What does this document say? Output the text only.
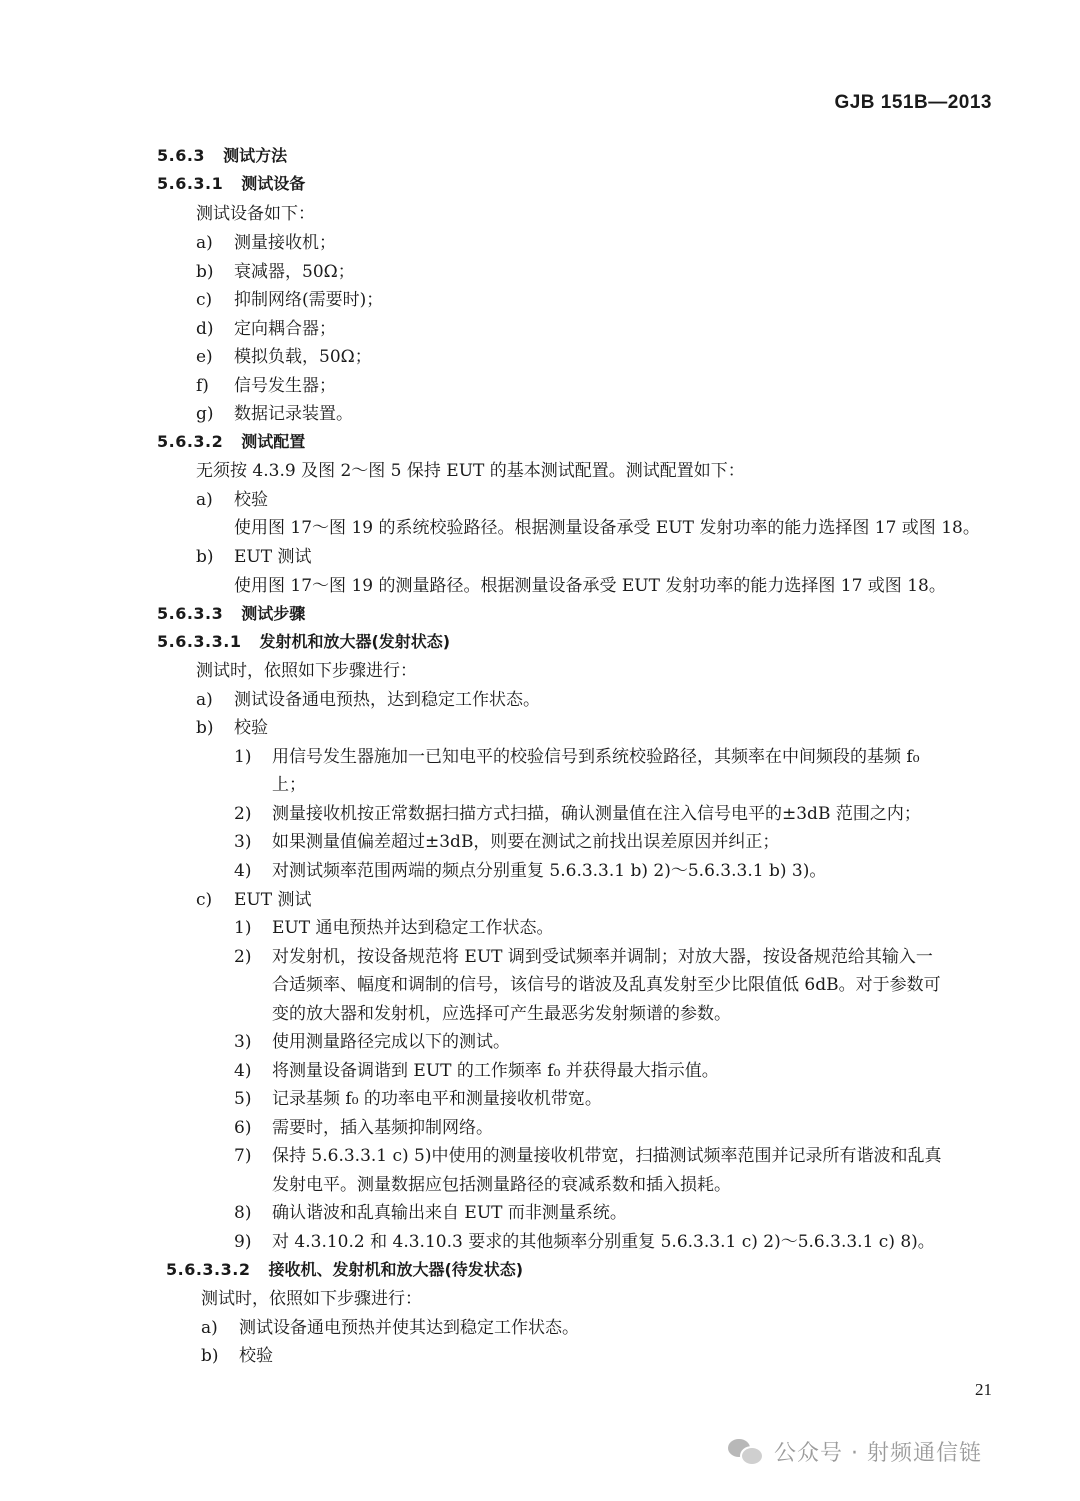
GJB 151B—2013
5.6.3 测试方法
5.6.3.1 测试设备
测试设备如下：
a) 测量接收机；
b) 衰减器，50Ω；
c) 抑制网络(需要时)；
d) 定向耦合器；
e) 模拟负载，50Ω；
f) 信号发生器；
g) 数据记录装置。
5.6.3.2 测试配置
无须按 4.3.9 及图 2～图 5 保持 EUT 的基本测试配置。测试配置如下：
a) 校验
使用图 17～图 19 的系统校验路径。根据测量设备承受 EUT 发射功率的能力选择图 17 或图 18。
b) EUT 测试
使用图 17～图 19 的测量路径。根据测量设备承受 EUT 发射功率的能力选择图 17 或图 18。
5.6.3.3 测试步骤
5.6.3.3.1 发射机和放大器(发射状态)
测试时，依照如下步骤进行：
a) 测试设备通电预热，达到稳定工作状态。
b) 校验
1) 用信号发生器施加一已知电平的校验信号到系统校验路径，其频率在中间频段的基频 f₀
上；
2) 测量接收机按正常数据扫描方式扫描，确认测量值在注入信号电平的±3dB 范围之内；
3) 如果测量值偏差超过±3dB，则要在测试之前找出误差原因并纠正；
4) 对测试频率范围两端的频点分别重复 5.6.3.3.1 b) 2)～5.6.3.3.1 b) 3)。
c) EUT 测试
1) EUT 通电预热并达到稳定工作状态。
2) 对发射机，按设备规范将 EUT 调到受试频率并调制；对放大器，按设备规范给其输入一
合适频率、幅度和调制的信号，该信号的谐波及乱真发射至少比限值低 6dB。对于参数可
变的放大器和发射机，应选择可产生最恶劣发射频谱的参数。
3) 使用测量路径完成以下的测试。
4) 将测量设备调谐到 EUT 的工作频率 f₀ 并获得最大指示值。
5) 记录基频 f₀ 的功率电平和测量接收机带宽。
6) 需要时，插入基频抑制网络。
7) 保持 5.6.3.3.1 c) 5)中使用的测量接收机带宽，扫描测试频率范围并记录所有谐波和乱真
发射电平。测量数据应包括测量路径的衰减系数和插入损耗。
8) 确认谐波和乱真输出来自 EUT 而非测量系统。
9) 对 4.3.10.2 和 4.3.10.3 要求的其他频率分别重复 5.6.3.3.1 c) 2)～5.6.3.3.1 c) 8)。
5.6.3.3.2 接收机、发射机和放大器(待发状态)
测试时，依照如下步骤进行：
a) 测试设备通电预热并使其达到稳定工作状态。
b) 校验
21
公众号 · 射频通信链
